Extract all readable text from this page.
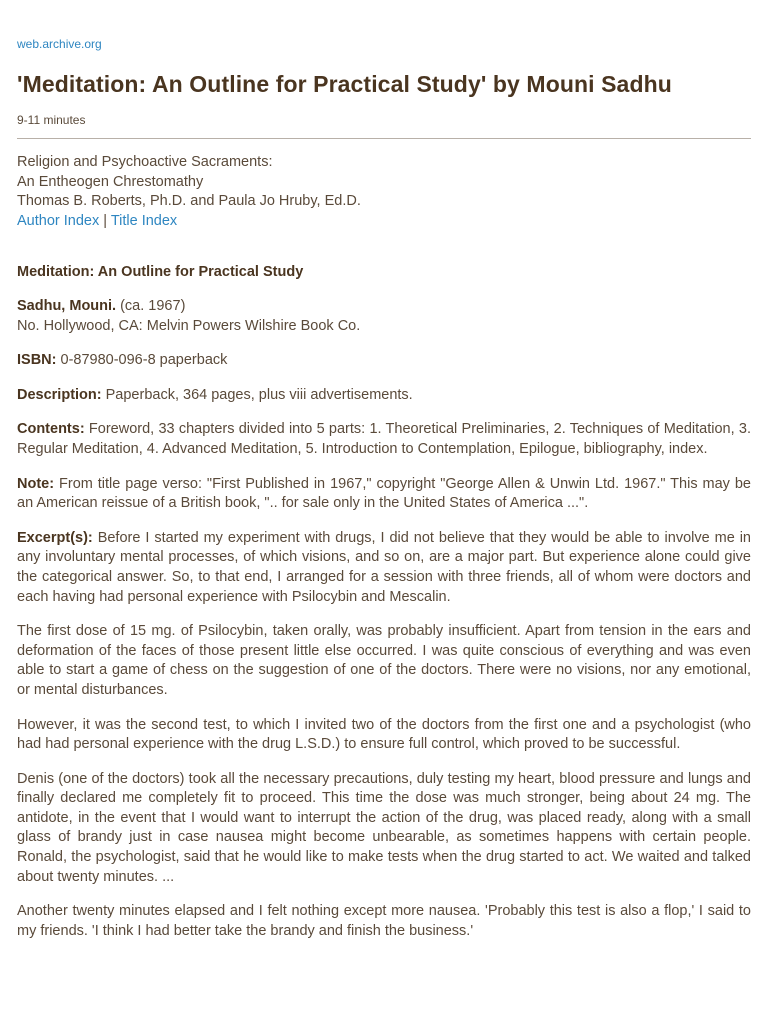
web.archive.org
'Meditation: An Outline for Practical Study' by Mouni Sadhu
9-11 minutes
Religion and Psychoactive Sacraments:
An Entheogen Chrestomathy
Thomas B. Roberts, Ph.D. and Paula Jo Hruby, Ed.D.
Author Index | Title Index
Meditation: An Outline for Practical Study
Sadhu, Mouni. (ca. 1967)
No. Hollywood, CA: Melvin Powers Wilshire Book Co.
ISBN: 0-87980-096-8 paperback
Description: Paperback, 364 pages, plus viii advertisements.
Contents: Foreword, 33 chapters divided into 5 parts: 1. Theoretical Preliminaries, 2. Techniques of Meditation, 3. Regular Meditation, 4. Advanced Meditation, 5. Introduction to Contemplation, Epilogue, bibliography, index.
Note: From title page verso: "First Published in 1967," copyright "George Allen & Unwin Ltd. 1967." This may be an American reissue of a British book, ".. for sale only in the United States of America ...".
Excerpt(s): Before I started my experiment with drugs, I did not believe that they would be able to involve me in any involuntary mental processes, of which visions, and so on, are a major part. But experience alone could give the categorical answer. So, to that end, I arranged for a session with three friends, all of whom were doctors and each having had personal experience with Psilocybin and Mescalin.
The first dose of 15 mg. of Psilocybin, taken orally, was probably insufficient. Apart from tension in the ears and deformation of the faces of those present little else occurred. I was quite conscious of everything and was even able to start a game of chess on the suggestion of one of the doctors. There were no visions, nor any emotional, or mental disturbances.
However, it was the second test, to which I invited two of the doctors from the first one and a psychologist (who had had personal experience with the drug L.S.D.) to ensure full control, which proved to be successful.
Denis (one of the doctors) took all the necessary precautions, duly testing my heart, blood pressure and lungs and finally declared me completely fit to proceed. This time the dose was much stronger, being about 24 mg. The antidote, in the event that I would want to interrupt the action of the drug, was placed ready, along with a small glass of brandy just in case nausea might become unbearable, as sometimes happens with certain people. Ronald, the psychologist, said that he would like to make tests when the drug started to act. We waited and talked about twenty minutes. ...
Another twenty minutes elapsed and I felt nothing except more nausea. 'Probably this test is also a flop,' I said to my friends. 'I think I had better take the brandy and finish the business.'
